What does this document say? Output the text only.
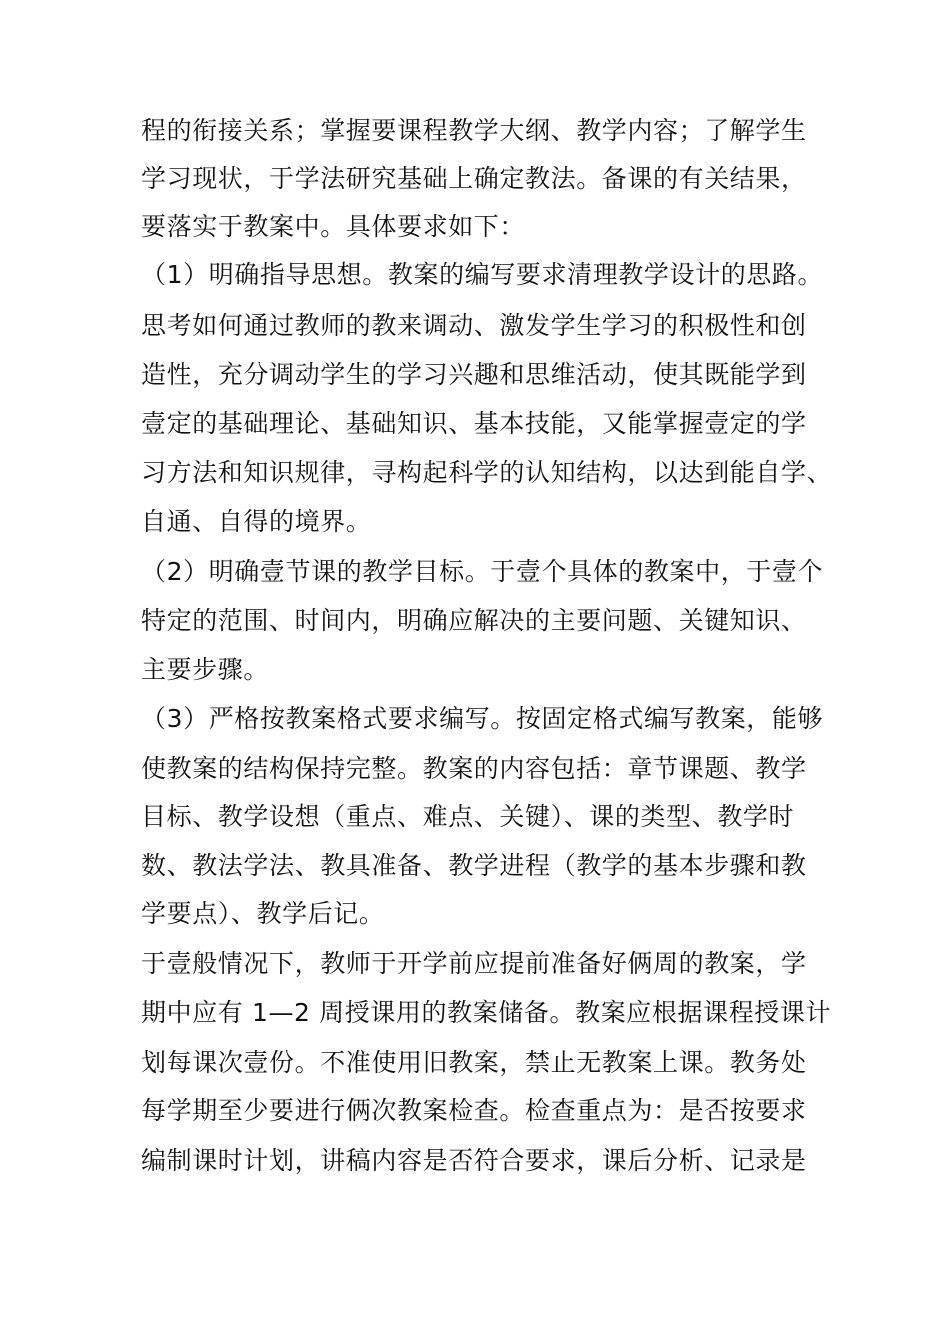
程的衔接关系；掌握要课程教学大纲、教学内容；了解学生
学习现状，于学法研究基础上确定教法。备课的有关结果，
要落实于教案中。具体要求如下：
（1）明确指导思想。教案的编写要求清理教学设计的思路。
思考如何通过教师的教来调动、激发学生学习的积极性和创
造性，充分调动学生的学习兴趣和思维活动，使其既能学到
壹定的基础理论、基础知识、基本技能，又能掌握壹定的学
习方法和知识规律，寻构起科学的认知结构，以达到能自学、
自通、自得的境界。
（2）明确壹节课的教学目标。于壹个具体的教案中，于壹个
特定的范围、时间内，明确应解决的主要问题、关键知识、
主要步骤。
（3）严格按教案格式要求编写。按固定格式编写教案，能够
使教案的结构保持完整。教案的内容包括：章节课题、教学
目标、教学设想（重点、难点、关键）、课的类型、教学时
数、教法学法、教具准备、教学进程（教学的基本步骤和教
学要点）、教学后记。
于壹般情况下，教师于开学前应提前准备好俩周的教案，学
期中应有 1—2 周授课用的教案储备。教案应根据课程授课计
划每课次壹份。不准使用旧教案，禁止无教案上课。教务处
每学期至少要进行俩次教案检查。检查重点为：是否按要求
编制课时计划，讲稿内容是否符合要求，课后分析、记录是
